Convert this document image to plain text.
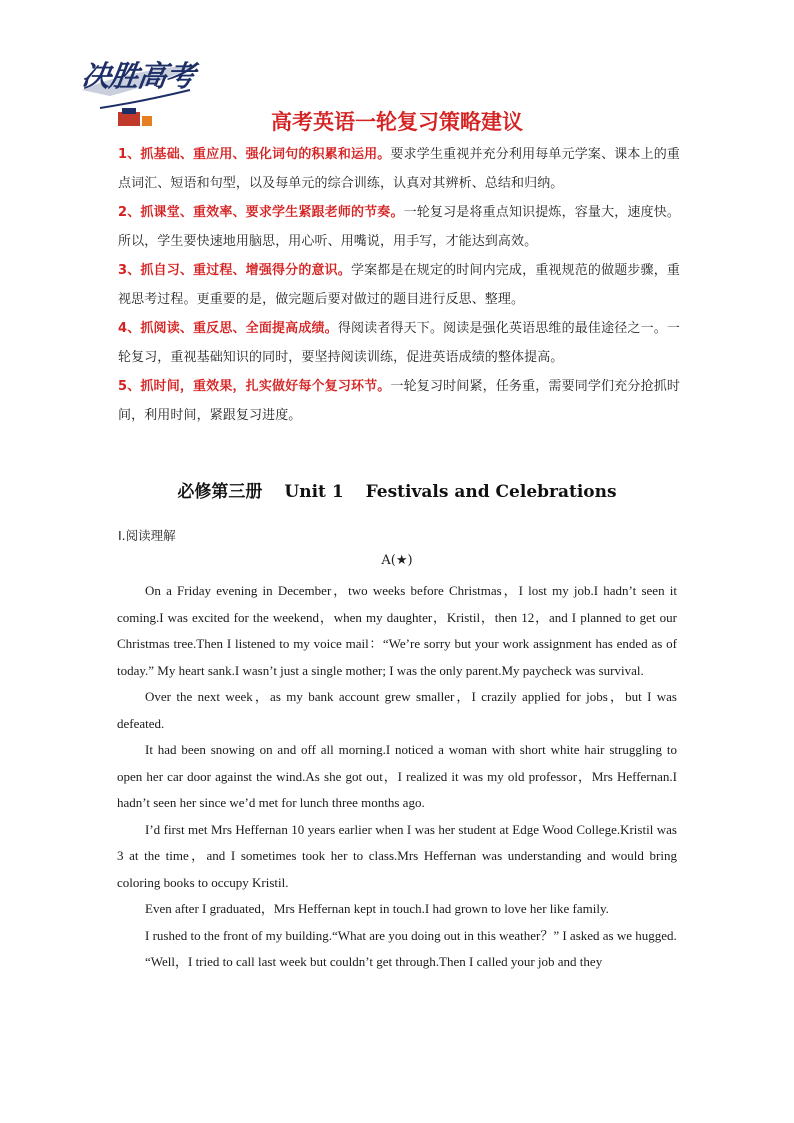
决胜高考
高考英语一轮复习策略建议

1、抓基础、重应用、强化词句的积累和运用。要求学生重视并充分利用每单元学案、课本上的重点词汇、短语和句型，以及每单元的综合训练，认真对其辨析、总结和归纳。

2、抓课堂、重效率、要求学生紧跟老师的节奏。一轮复习是将重点知识提炼，容量大，速度快。所以，学生要快速地用脑思，用心听、用嘴说，用手写，才能达到高效。

3、抓自习、重过程、增强得分的意识。学案都是在规定的时间内完成，重视规范的做题步骤，重视思考过程。更重要的是，做完题后要对做过的题目进行反思、整理。

4、抓阅读、重反思、全面提高成绩。得阅读者得天下。阅读是强化英语思维的最佳途径之一。一轮复习，重视基础知识的同时，要坚持阅读训练，促进英语成绩的整体提高。

5、抓时间，重效果，扎实做好每个复习环节。一轮复习时间紧，任务重，需要同学们充分抢抓时间，利用时间，紧跟复习进度。

必修第三册 Unit 1 Festivals and Celebrations
Ⅰ.阅读理解
A(★)

On a Friday evening in December，two weeks before Christmas，I lost my job.I hadn’t seen it coming.I was excited for the weekend，when my daughter，Kristil，then 12，and I planned to get our Christmas tree.Then I listened to my voice mail：“We’re sorry but your work assignment has ended as of today.” My heart sank.I wasn’t just a single mother; I was the only parent.My paycheck was survival.

Over the next week，as my bank account grew smaller，I crazily applied for jobs，but I was defeated.

It had been snowing on and off all morning.I noticed a woman with short white hair struggling to open her car door against the wind.As she got out，I realized it was my old professor，Mrs Heffernan.I hadn’t seen her since we’d met for lunch three months ago.

I’d first met Mrs Heffernan 10 years earlier when I was her student at Edge Wood College.Kristil was 3 at the time，and I sometimes took her to class.Mrs Heffernan was understanding and would bring coloring books to occupy Kristil.

Even after I graduated，Mrs Heffernan kept in touch.I had grown to love her like family.

I rushed to the front of my building.“What are you doing out in this weather？” I asked as we hugged.

“Well，I tried to call last week but couldn’t get through.Then I called your job and they
